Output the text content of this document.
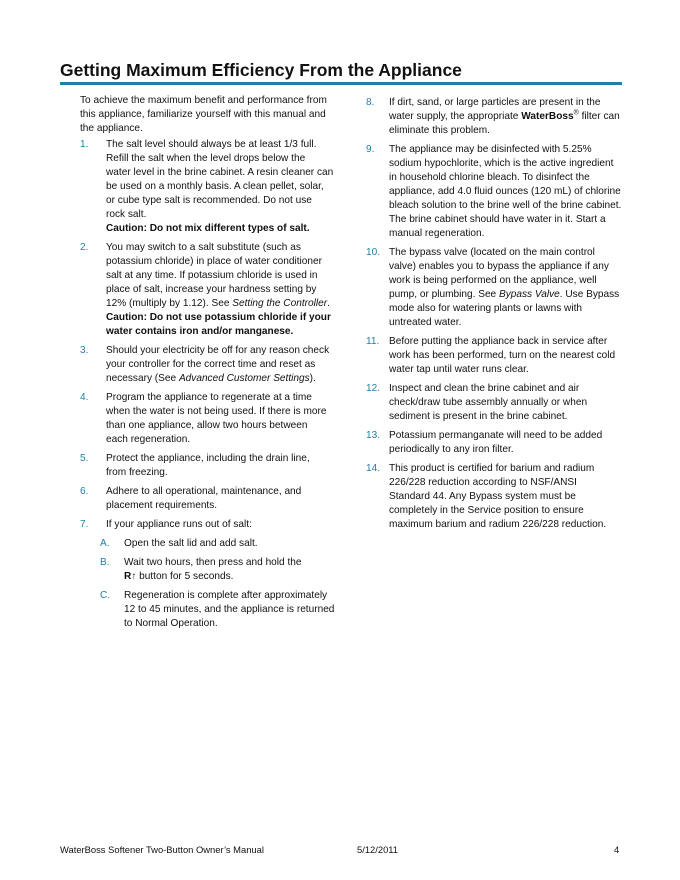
Getting Maximum Efficiency From the Appliance
To achieve the maximum benefit and performance from this appliance, familiarize yourself with this manual and the appliance.
1. The salt level should always be at least 1/3 full.
Refill the salt when the level drops below the
water level in the brine cabinet. A resin cleaner can
be used on a monthly basis. A clean pellet, solar,
or cube type salt is recommended. Do not use
rock salt.
Caution: Do not mix different types of salt.
2. You may switch to a salt substitute (such as
potassium chloride) in place of water conditioner
salt at any time. If potassium chloride is used in
place of salt, increase your hardness setting by
12% (multiply by 1.12). See Setting the Controller.
Caution: Do not use potassium chloride if your
water contains iron and/or manganese.
3. Should your electricity be off for any reason check
your controller for the correct time and reset as
necessary (See Advanced Customer Settings).
4. Program the appliance to regenerate at a time
when the water is not being used. If there is more
than one appliance, allow two hours between
each regeneration.
5. Protect the appliance, including the drain line,
from freezing.
6. Adhere to all operational, maintenance, and
placement requirements.
7. If your appliance runs out of salt:
A. Open the salt lid and add salt.
B. Wait two hours, then press and hold the
R↑ button for 5 seconds.
C. Regeneration is complete after approximately
12 to 45 minutes, and the appliance is returned
to Normal Operation.
8. If dirt, sand, or large particles are present in the
water supply, the appropriate WaterBoss® filter can
eliminate this problem.
9. The appliance may be disinfected with 5.25%
sodium hypochlorite, which is the active ingredient
in household chlorine bleach. To disinfect the
appliance, add 4.0 fluid ounces (120 mL) of chlorine
bleach solution to the brine well of the brine cabinet.
The brine cabinet should have water in it. Start a
manual regeneration.
10. The bypass valve (located on the main control
valve) enables you to bypass the appliance if any
work is being performed on the appliance, well
pump, or plumbing. See Bypass Valve. Use Bypass
mode also for watering plants or lawns with
untreated water.
11. Before putting the appliance back in service after
work has been performed, turn on the nearest cold
water tap until water runs clear.
12. Inspect and clean the brine cabinet and air
check/draw tube assembly annually or when
sediment is present in the brine cabinet.
13. Potassium permanganate will need to be added
periodically to any iron filter.
14. This product is certified for barium and radium
226/228 reduction according to NSF/ANSI
Standard 44. Any Bypass system must be
completely in the Service position to ensure
maximum barium and radium 226/228 reduction.
WaterBoss Softener Two-Button Owner’s Manual	5/12/2011	4
